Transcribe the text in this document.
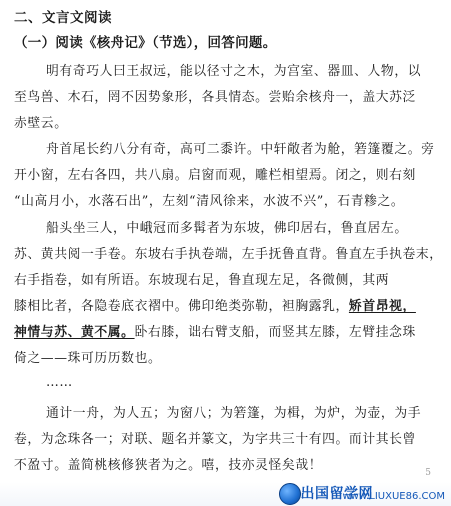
二、文言文阅读
（一）阅读《核舟记》（节选），回答问题。
明有奇巧人曰王叔远，能以径寸之木，为宫室、器皿、人物，以
至鸟兽、木石，罔不因势象形，各具情态。尝贻余核舟一，盖大苏泛
赤壁云。
舟首尾长约八分有奇，高可二黍许。中轩敞者为舱，箬篷覆之。旁
开小窗，左右各四，共八扇。启窗而观，雕栏相望焉。闭之，则右刻
“山高月小，水落石出”，左刻“清风徐来，水波不兴”，石青糁之。
船头坐三人，中峨冠而多髯者为东坡，佛印居右，鲁直居左。
苏、黄共阅一手卷。东坡右手执卷端，左手抚鲁直背。鲁直左手执卷末，
右手指卷，如有所语。东坡现右足，鲁直现左足，各微侧，其两
膝相比者，各隐卷底衣褶中。佛印绝类弥勒，袒胸露乳，矫首昂视，
神情与苏、黄不属。卧右膝，诎右臂支船，而竖其左膝，左臂挂念珠
倚之——珠可历历数也。
……
通计一舟，为人五；为窗八；为箬篷，为楫，为炉，为壶，为手
卷，为念珠各一；对联、题名并篆文，为字共三十有四。而计其长曾
不盈寸。盖简桃核修狭者为之。嘻，技亦灵怪矣哉！	5
出国留学网
www.LIUXUE86.COM
